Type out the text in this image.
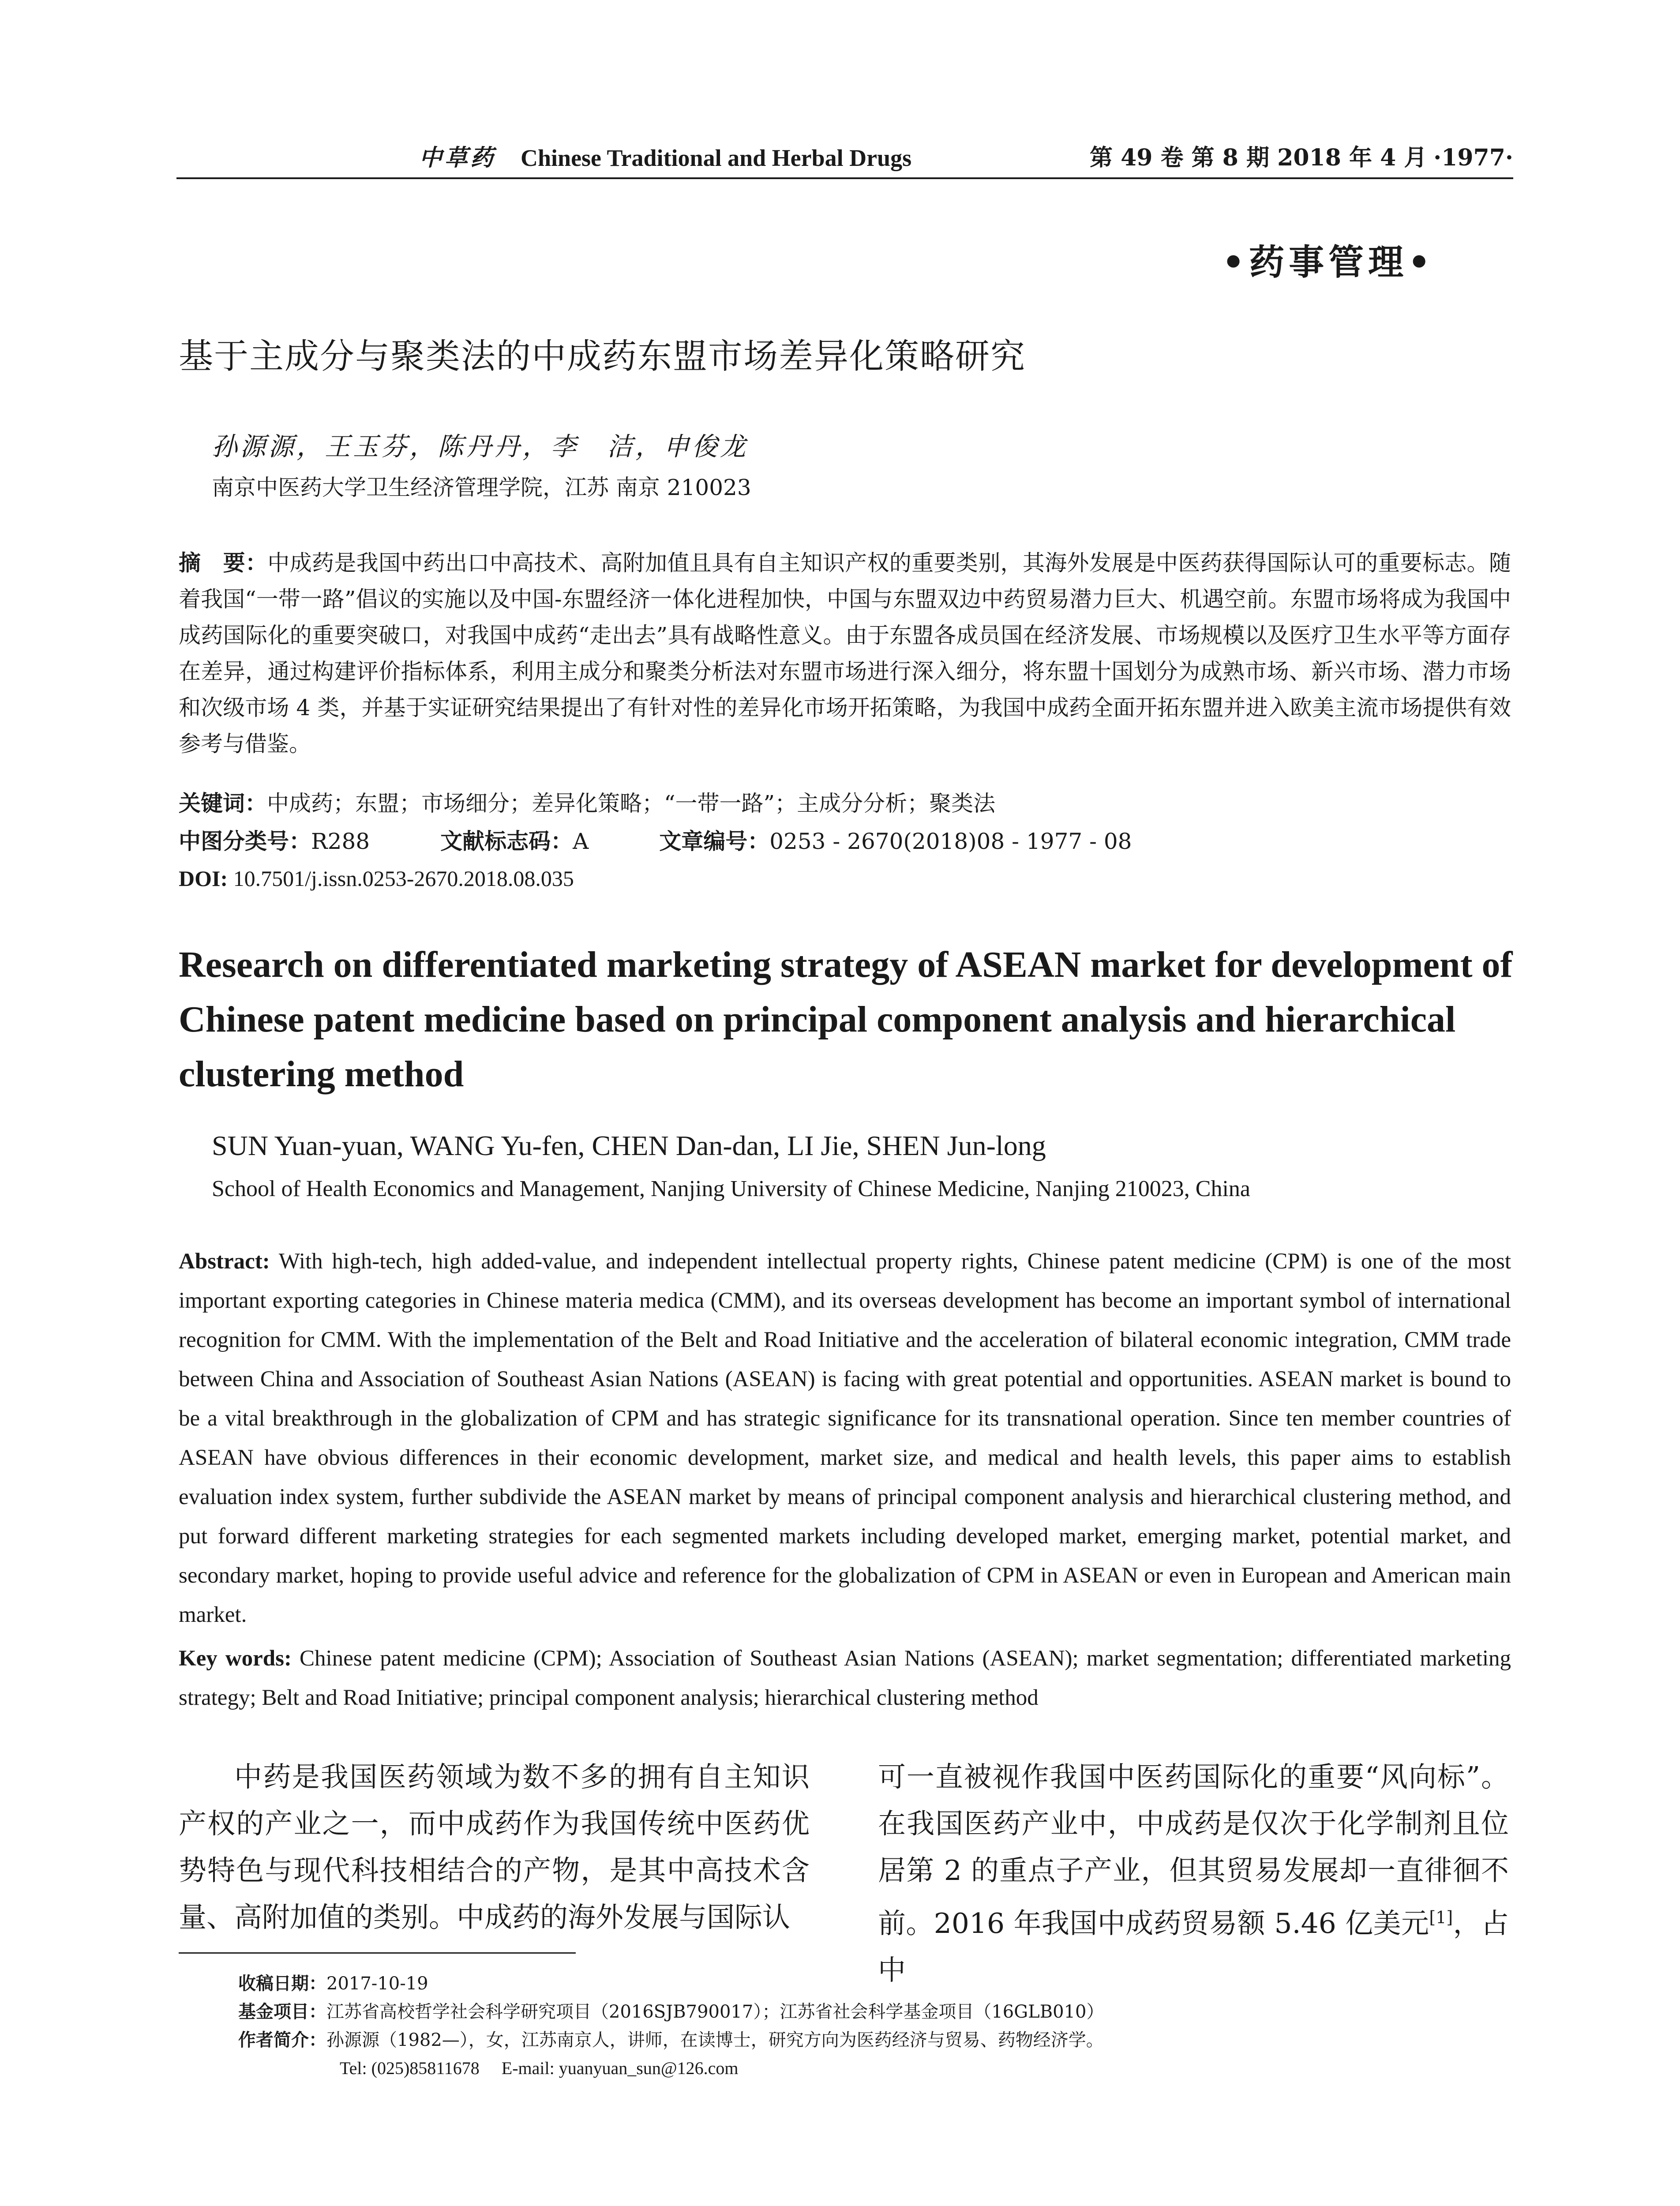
中草药 Chinese Traditional and Herbal Drugs	第 49 卷 第 8 期 2018 年 4 月 ·1977·
•药事管理•
基于主成分与聚类法的中成药东盟市场差异化策略研究
孙源源，王玉芬，陈丹丹，李　洁，申俊龙
南京中医药大学卫生经济管理学院，江苏 南京 210023
摘　要：中成药是我国中药出口中高技术、高附加值且具有自主知识产权的重要类别，其海外发展是中医药获得国际认可的重要标志。随着我国“一带一路”倡议的实施以及中国-东盟经济一体化进程加快，中国与东盟双边中药贸易潜力巨大、机遇空前。东盟市场将成为我国中成药国际化的重要突破口，对我国中成药“走出去”具有战略性意义。由于东盟各成员国在经济发展、市场规模以及医疗卫生水平等方面存在差异，通过构建评价指标体系，利用主成分和聚类分析法对东盟市场进行深入细分，将东盟十国划分为成熟市场、新兴市场、潜力市场和次级市场 4 类，并基于实证研究结果提出了有针对性的差异化市场开拓策略，为我国中成药全面开拓东盟并进入欧美主流市场提供有效参考与借鉴。
关键词：中成药；东盟；市场细分；差异化策略；“一带一路”；主成分分析；聚类法
中图分类号：R288	文献标志码：A	文章编号：0253 - 2670(2018)08 - 1977 - 08
DOI: 10.7501/j.issn.0253-2670.2018.08.035
Research on differentiated marketing strategy of ASEAN market for development of Chinese patent medicine based on principal component analysis and hierarchical clustering method
SUN Yuan-yuan, WANG Yu-fen, CHEN Dan-dan, LI Jie, SHEN Jun-long
School of Health Economics and Management, Nanjing University of Chinese Medicine, Nanjing 210023, China
Abstract: With high-tech, high added-value, and independent intellectual property rights, Chinese patent medicine (CPM) is one of the most important exporting categories in Chinese materia medica (CMM), and its overseas development has become an important symbol of international recognition for CMM. With the implementation of the Belt and Road Initiative and the acceleration of bilateral economic integration, CMM trade between China and Association of Southeast Asian Nations (ASEAN) is facing with great potential and opportunities. ASEAN market is bound to be a vital breakthrough in the globalization of CPM and has strategic significance for its transnational operation. Since ten member countries of ASEAN have obvious differences in their economic development, market size, and medical and health levels, this paper aims to establish evaluation index system, further subdivide the ASEAN market by means of principal component analysis and hierarchical clustering method, and put forward different marketing strategies for each segmented markets including developed market, emerging market, potential market, and secondary market, hoping to provide useful advice and reference for the globalization of CPM in ASEAN or even in European and American main market.
Key words: Chinese patent medicine (CPM); Association of Southeast Asian Nations (ASEAN); market segmentation; differentiated marketing strategy; Belt and Road Initiative; principal component analysis; hierarchical clustering method
中药是我国医药领域为数不多的拥有自主知识产权的产业之一，而中成药作为我国传统中医药优势特色与现代科技相结合的产物，是其中高技术含量、高附加值的类别。中成药的海外发展与国际认
可一直被视作我国中医药国际化的重要“风向标”。在我国医药产业中，中成药是仅次于化学制剂且位居第 2 的重点子产业，但其贸易发展却一直徘徊不前。2016 年我国中成药贸易额 5.46 亿美元[1]，占中
收稿日期：2017-10-19
基金项目：江苏省高校哲学社会科学研究项目（2016SJB790017）；江苏省社会科学基金项目（16GLB010）
作者简介：孙源源（1982—），女，江苏南京人，讲师，在读博士，研究方向为医药经济与贸易、药物经济学。
Tel: (025)85811678 E-mail: yuanyuan_sun@126.com
